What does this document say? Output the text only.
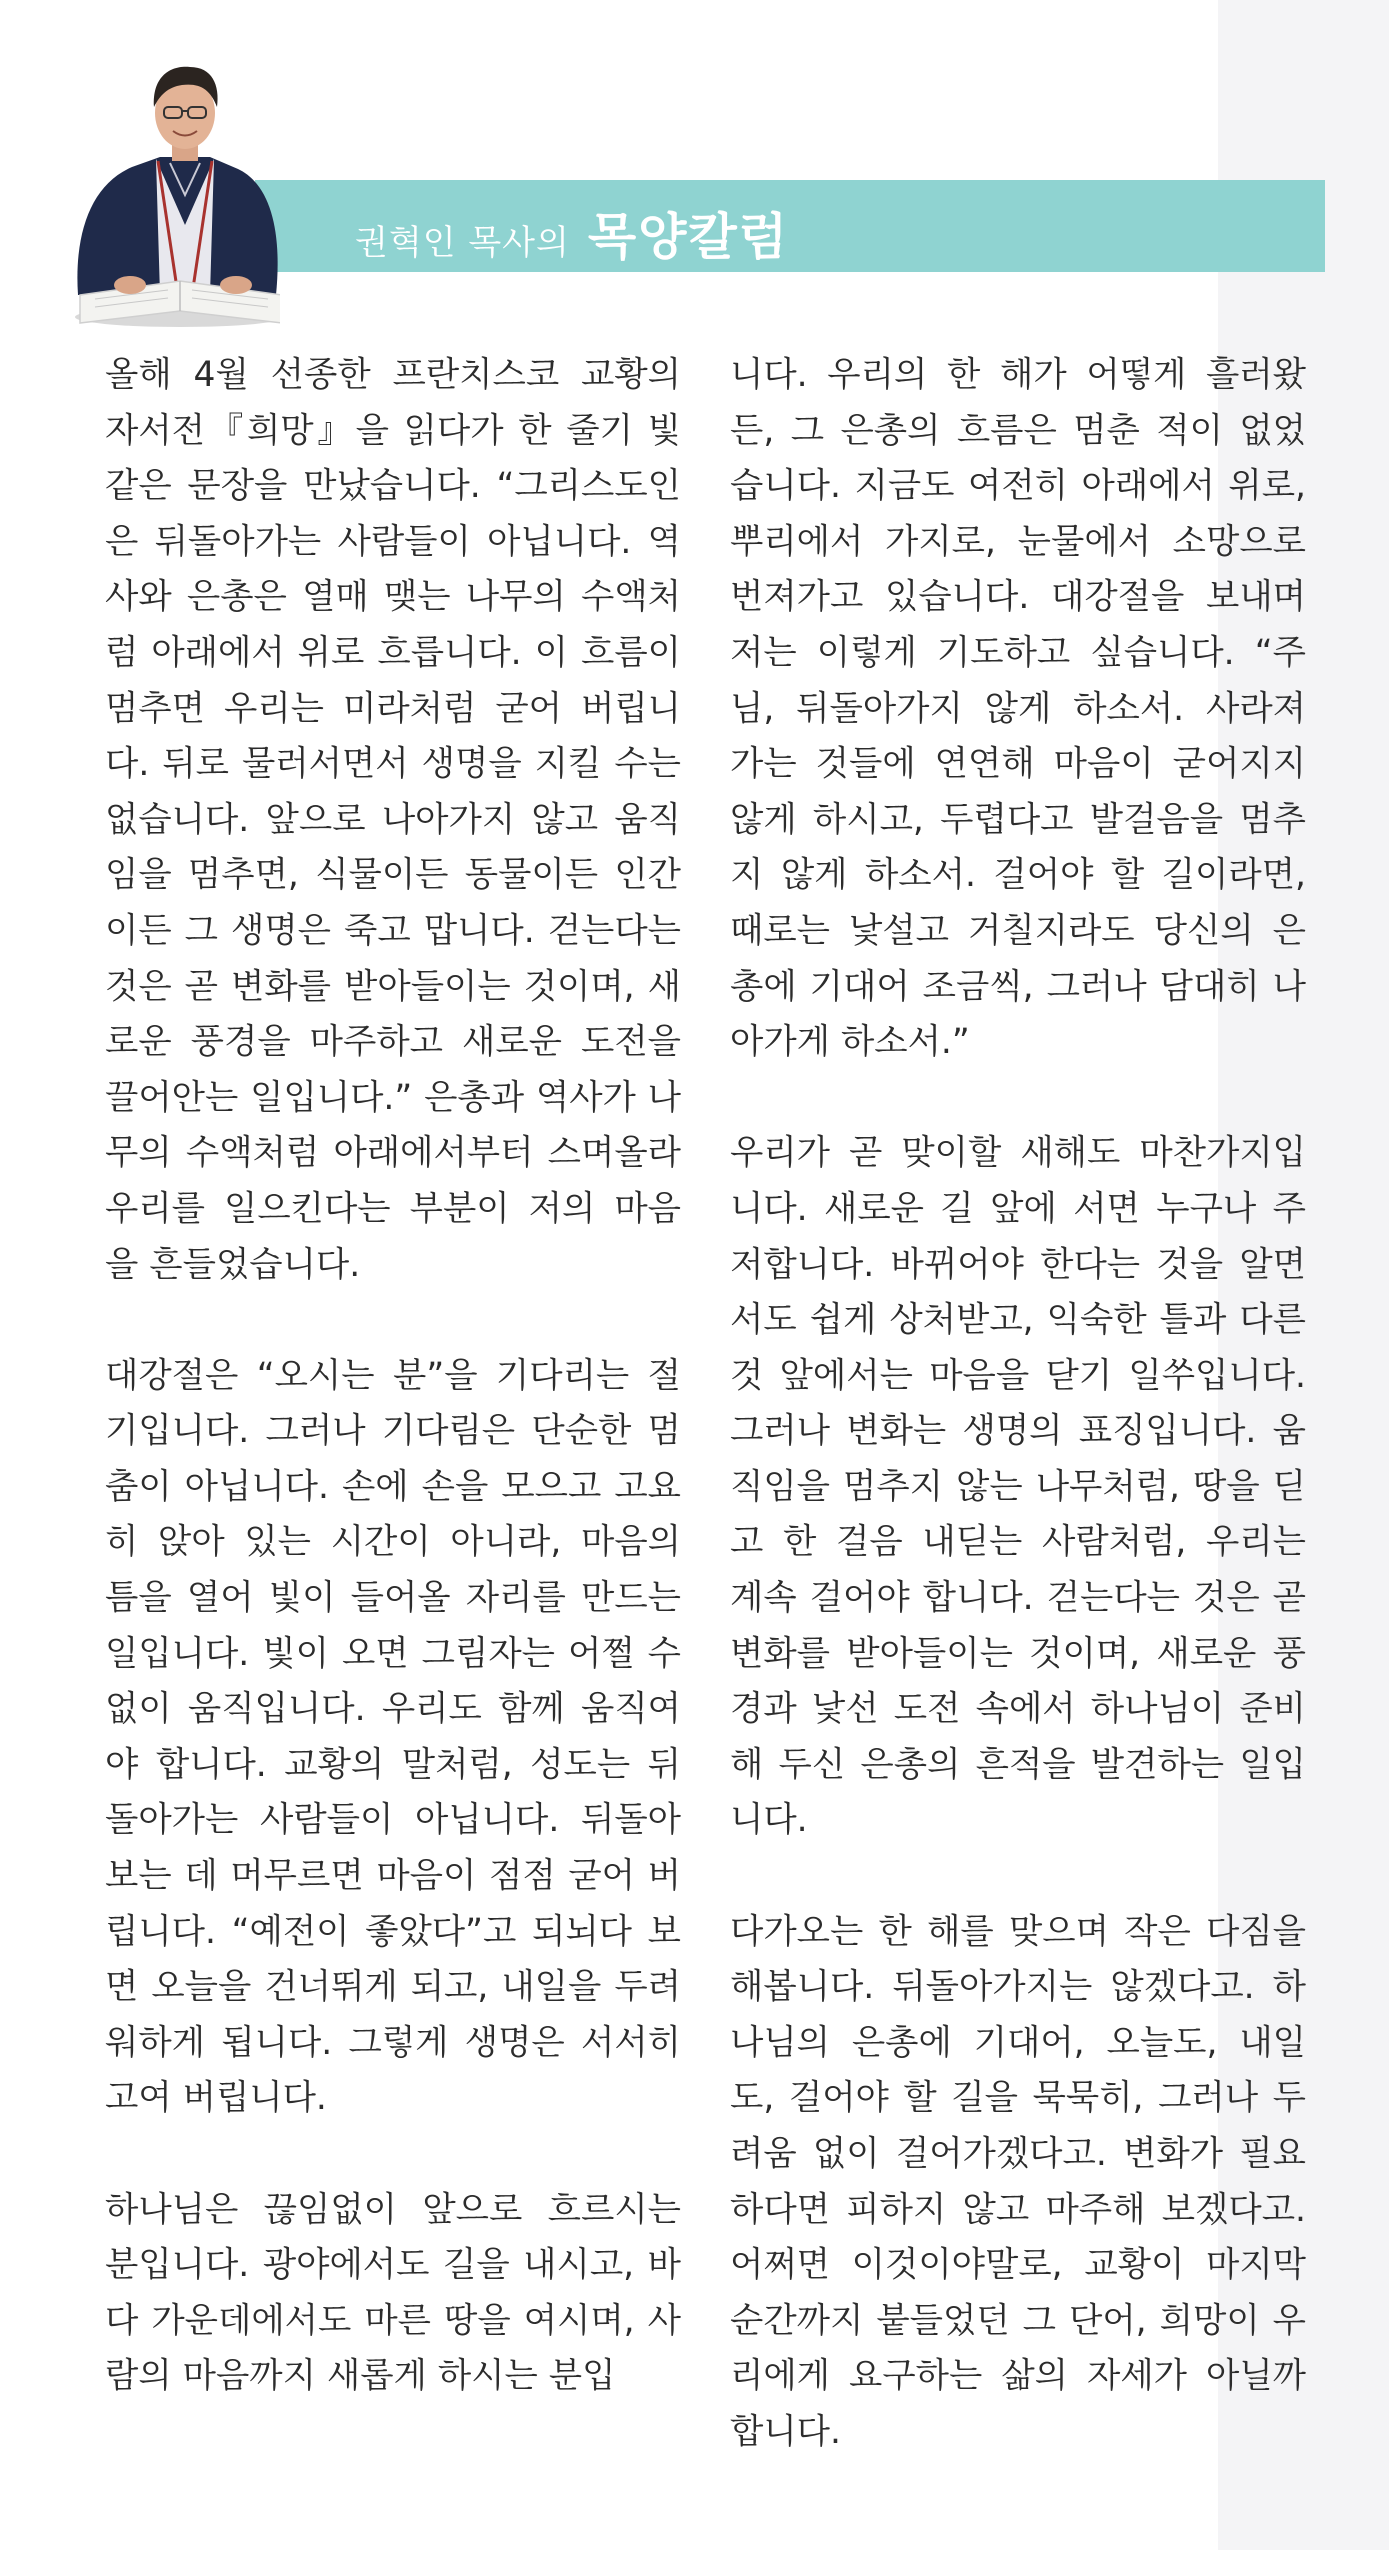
권혁인 목사의 목양칼럼

올해 4월 선종한 프란치스코 교황의 자서전『희망』을 읽다가 한 줄기 빛 같은 문장을 만났습니다. “그리스도인은 뒤돌아가는 사람들이 아닙니다. 역사와 은총은 열매 맺는 나무의 수액처럼 아래에서 위로 흐릅니다. 이 흐름이 멈추면 우리는 미라처럼 굳어 버립니다. 뒤로 물러서면서 생명을 지킬 수는 없습니다. 앞으로 나아가지 않고 움직임을 멈추면, 식물이든 동물이든 인간이든 그 생명은 죽고 맙니다. 걷는다는 것은 곧 변화를 받아들이는 것이며, 새로운 풍경을 마주하고 새로운 도전을 끌어안는 일입니다.” 은총과 역사가 나무의 수액처럼 아래에서부터 스며올라 우리를 일으킨다는 부분이 저의 마음을 흔들었습니다.

대강절은 “오시는 분”을 기다리는 절기입니다. 그러나 기다림은 단순한 멈춤이 아닙니다. 손에 손을 모으고 고요히 앉아 있는 시간이 아니라, 마음의 틈을 열어 빛이 들어올 자리를 만드는 일입니다. 빛이 오면 그림자는 어쩔 수 없이 움직입니다. 우리도 함께 움직여야 합니다. 교황의 말처럼, 성도는 뒤돌아가는 사람들이 아닙니다. 뒤돌아보는 데 머무르면 마음이 점점 굳어 버립니다. “예전이 좋았다”고 되뇌다 보면 오늘을 건너뛰게 되고, 내일을 두려워하게 됩니다. 그렇게 생명은 서서히 고여 버립니다.

하나님은 끊임없이 앞으로 흐르시는 분입니다. 광야에서도 길을 내시고, 바다 가운데에서도 마른 땅을 여시며, 사람의 마음까지 새롭게 하시는 분입

니다. 우리의 한 해가 어떻게 흘러왔든, 그 은총의 흐름은 멈춘 적이 없었습니다. 지금도 여전히 아래에서 위로, 뿌리에서 가지로, 눈물에서 소망으로 번져가고 있습니다. 대강절을 보내며 저는 이렇게 기도하고 싶습니다. “주님, 뒤돌아가지 않게 하소서. 사라져 가는 것들에 연연해 마음이 굳어지지 않게 하시고, 두렵다고 발걸음을 멈추지 않게 하소서. 걸어야 할 길이라면, 때로는 낯설고 거칠지라도 당신의 은총에 기대어 조금씩, 그러나 담대히 나아가게 하소서.”

우리가 곧 맞이할 새해도 마찬가지입니다. 새로운 길 앞에 서면 누구나 주저합니다. 바뀌어야 한다는 것을 알면서도 쉽게 상처받고, 익숙한 틀과 다른 것 앞에서는 마음을 닫기 일쑤입니다. 그러나 변화는 생명의 표징입니다. 움직임을 멈추지 않는 나무처럼, 땅을 딛고 한 걸음 내딛는 사람처럼, 우리는 계속 걸어야 합니다. 걷는다는 것은 곧 변화를 받아들이는 것이며, 새로운 풍경과 낯선 도전 속에서 하나님이 준비해 두신 은총의 흔적을 발견하는 일입니다.

다가오는 한 해를 맞으며 작은 다짐을 해봅니다. 뒤돌아가지는 않겠다고. 하나님의 은총에 기대어, 오늘도, 내일도, 걸어야 할 길을 묵묵히, 그러나 두려움 없이 걸어가겠다고. 변화가 필요하다면 피하지 않고 마주해 보겠다고. 어쩌면 이것이야말로, 교황이 마지막 순간까지 붙들었던 그 단어, 희망이 우리에게 요구하는 삶의 자세가 아닐까 합니다.
